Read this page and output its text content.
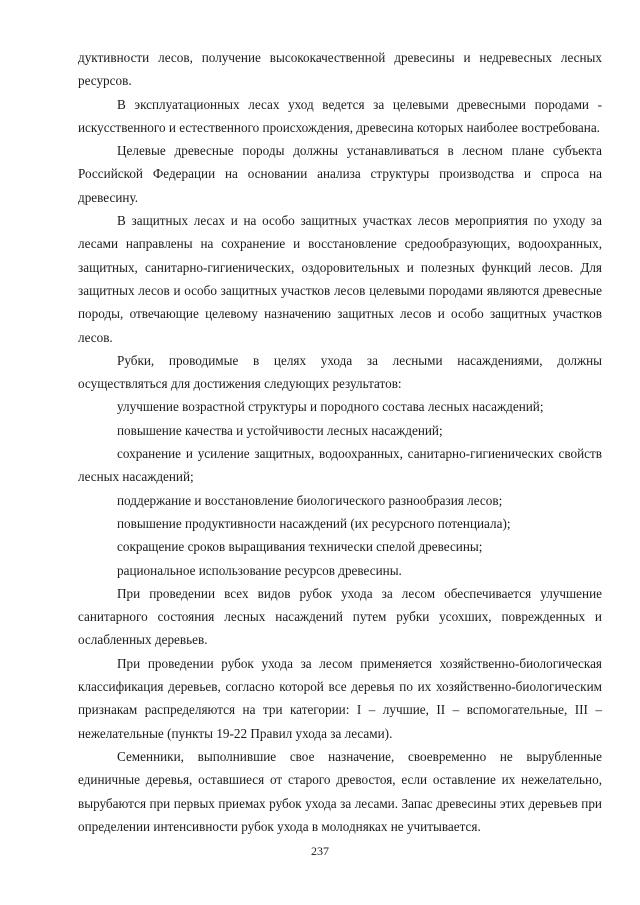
дуктивности лесов, получение высококачественной древесины и недревесных лесных ресурсов.

В эксплуатационных лесах уход ведется за целевыми древесными породами - искусственного и естественного происхождения, древесина которых наиболее востребована.

Целевые древесные породы должны устанавливаться в лесном плане субъекта Российской Федерации на основании анализа структуры производства и спроса на древесину.

В защитных лесах и на особо защитных участках лесов мероприятия по уходу за лесами направлены на сохранение и восстановление средообразующих, водоохранных, защитных, санитарно-гигиенических, оздоровительных и полезных функций лесов. Для защитных лесов и особо защитных участков лесов целевыми породами являются древесные породы, отвечающие целевому назначению защитных лесов и особо защитных участков лесов.

Рубки, проводимые в целях ухода за лесными насаждениями, должны осуществляться для достижения следующих результатов:

улучшение возрастной структуры и породного состава лесных насаждений;

повышение качества и устойчивости лесных насаждений;

сохранение и усиление защитных, водоохранных, санитарно-гигиенических свойств лесных насаждений;

поддержание и восстановление биологического разнообразия лесов;

повышение продуктивности насаждений (их ресурсного потенциала);

сокращение сроков выращивания технически спелой древесины;

рациональное использование ресурсов древесины.

При проведении всех видов рубок ухода за лесом обеспечивается улучшение санитарного состояния лесных насаждений путем рубки усохших, поврежденных и ослабленных деревьев.

При проведении рубок ухода за лесом применяется хозяйственно-биологическая классификация деревьев, согласно которой все деревья по их хозяйственно-биологическим признакам распределяются на три категории: I – лучшие, II – вспомогательные, III – нежелательные (пункты 19-22 Правил ухода за лесами).

Семенники, выполнившие свое назначение, своевременно не вырубленные единичные деревья, оставшиеся от старого древостоя, если оставление их нежелательно, вырубаются при первых приемах рубок ухода за лесами. Запас древесины этих деревьев при определении интенсивности рубок ухода в молодняках не учитывается.

237
